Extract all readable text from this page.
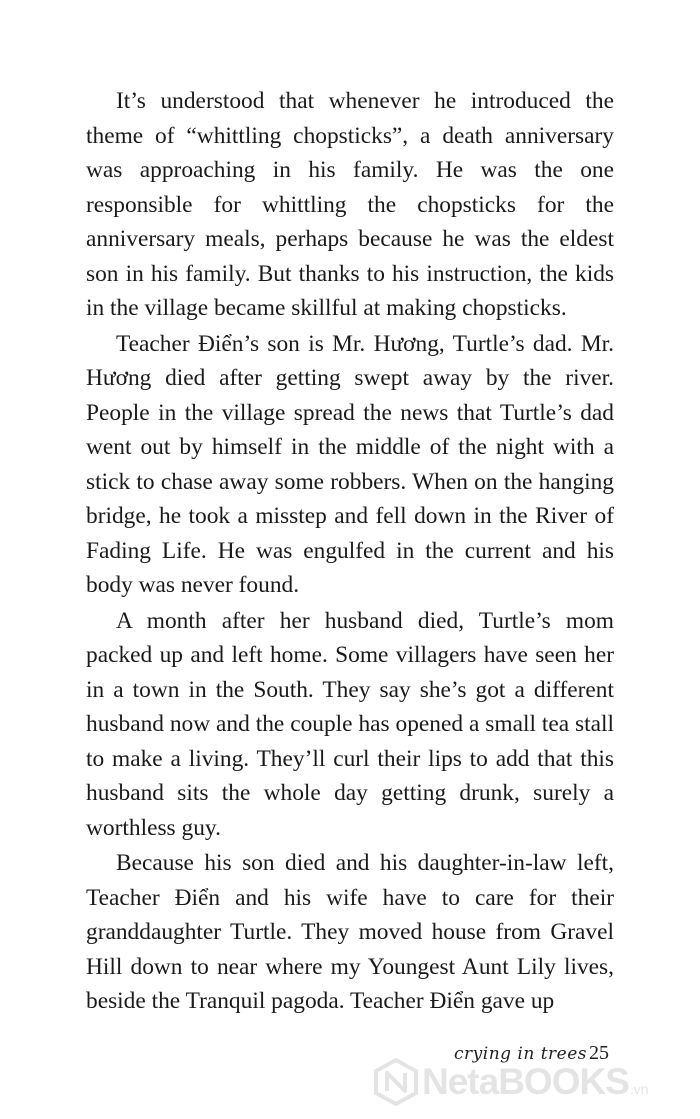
It’s understood that whenever he introduced the theme of “whittling chopsticks”, a death anniversary was approaching in his family. He was the one responsible for whittling the chopsticks for the anniversary meals, perhaps because he was the eldest son in his family. But thanks to his instruction, the kids in the village became skillful at making chopsticks.

Teacher Điển’s son is Mr. Hương, Turtle’s dad. Mr. Hương died after getting swept away by the river. People in the village spread the news that Turtle’s dad went out by himself in the middle of the night with a stick to chase away some robbers. When on the hanging bridge, he took a misstep and fell down in the River of Fading Life. He was engulfed in the current and his body was never found.

A month after her husband died, Turtle’s mom packed up and left home. Some villagers have seen her in a town in the South. They say she’s got a different husband now and the couple has opened a small tea stall to make a living. They’ll curl their lips to add that this husband sits the whole day getting drunk, surely a worthless guy.

Because his son died and his daughter-in-law left, Teacher Điển and his wife have to care for their granddaughter Turtle. They moved house from Gravel Hill down to near where my Youngest Aunt Lily lives, beside the Tranquil pagoda. Teacher Điển gave up

crying in trees 25
NetaBOOKS .vn
